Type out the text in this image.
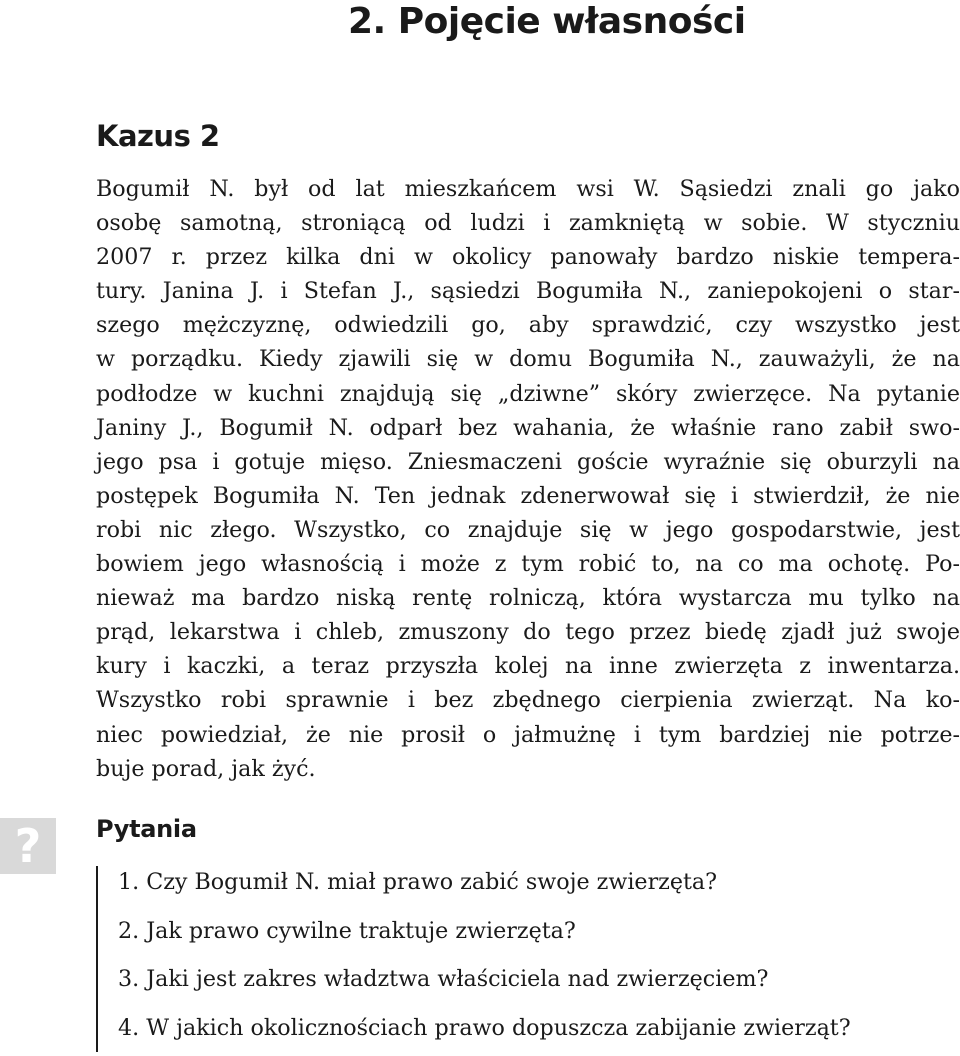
2. Pojęcie własności
Kazus 2
Bogumił N. był od lat mieszkańcem wsi W. Sąsiedzi znali go jako
osobę samotną, stroniącą od ludzi i zamkniętą w sobie. W styczniu
2007 r. przez kilka dni w okolicy panowały bardzo niskie tempera-
tury. Janina J. i Stefan J., sąsiedzi Bogumiła N., zaniepokojeni o star-
szego mężczyznę, odwiedzili go, aby sprawdzić, czy wszystko jest
w porządku. Kiedy zjawili się w domu Bogumiła N., zauważyli, że na
podłodze w kuchni znajdują się „dziwne” skóry zwierzęce. Na pytanie
Janiny J., Bogumił N. odparł bez wahania, że właśnie rano zabił swo-
jego psa i gotuje mięso. Zniesmaczeni goście wyraźnie się oburzyli na
postępek Bogumiła N. Ten jednak zdenerwował się i stwierdził, że nie
robi nic złego. Wszystko, co znajduje się w jego gospodarstwie, jest
bowiem jego własnością i może z tym robić to, na co ma ochotę. Po-
nieważ ma bardzo niską rentę rolniczą, która wystarcza mu tylko na
prąd, lekarstwa i chleb, zmuszony do tego przez biedę zjadł już swoje
kury i kaczki, a teraz przyszła kolej na inne zwierzęta z inwentarza.
Wszystko robi sprawnie i bez zbędnego cierpienia zwierząt. Na ko-
niec powiedział, że nie prosił o jałmużnę i tym bardziej nie potrze-
buje porad, jak żyć.
? Pytania
1. Czy Bogumił N. miał prawo zabić swoje zwierzęta?
2. Jak prawo cywilne traktuje zwierzęta?
3. Jaki jest zakres władztwa właściciela nad zwierzęciem?
4. W jakich okolicznościach prawo dopuszcza zabijanie zwierząt?
